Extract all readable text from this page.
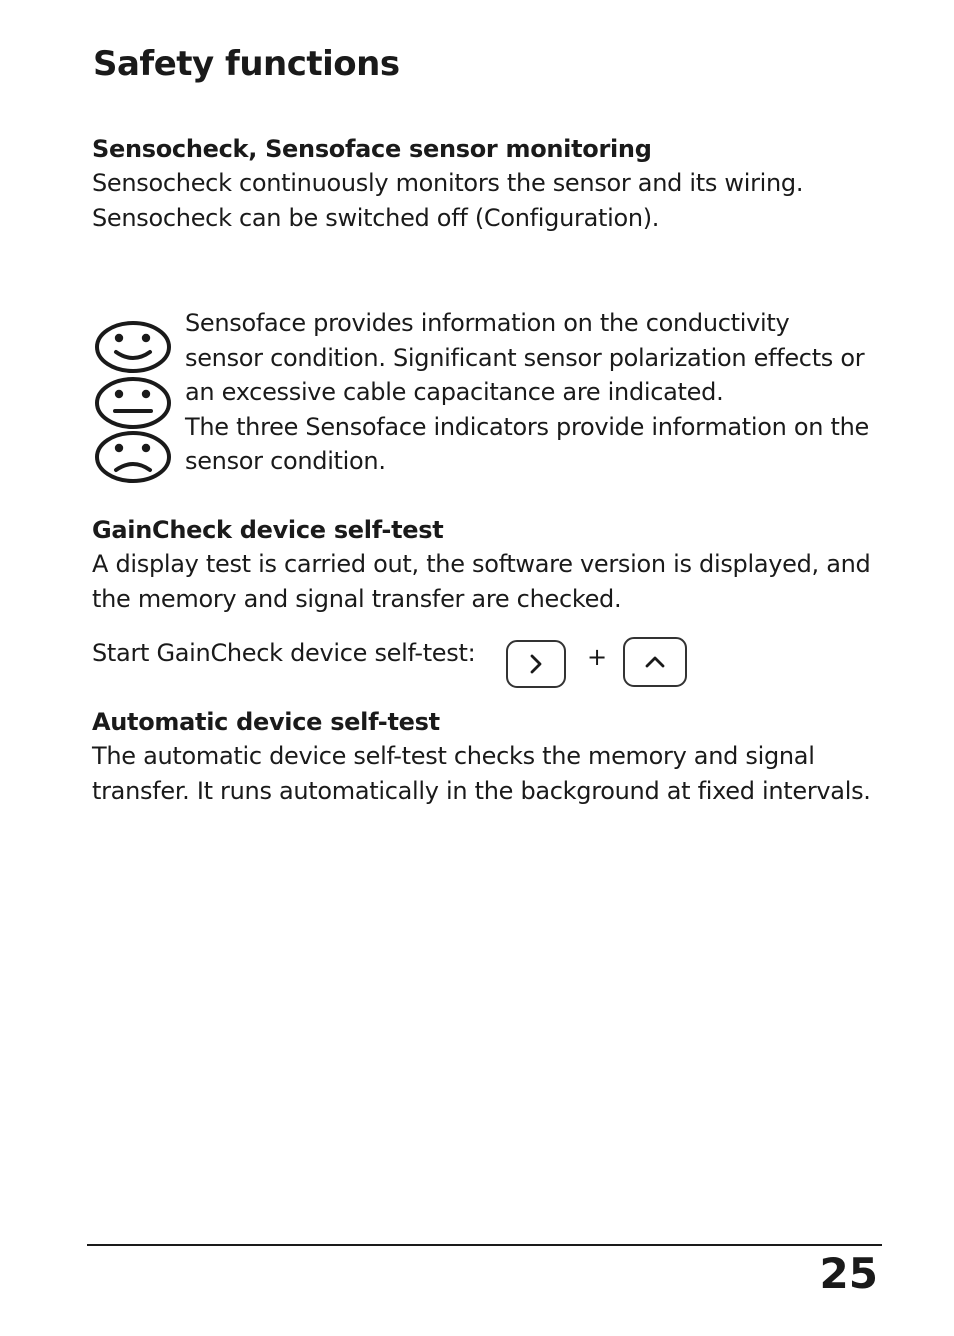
Safety functions
Sensocheck, Sensoface sensor monitoring

Sensocheck continuously monitors the sensor and its wiring.

Sensocheck can be switched off (Configuration).

Sensoface provides information on the conductivity

sensor condition. Significant sensor polarization effects or

an excessive cable capacitance are indicated.

The three Sensoface indicators provide information on the

sensor condition.

GainCheck device self-test

A display test is carried out, the software version is displayed, and

the memory and signal transfer are checked.

Start GainCheck device self-test:	+
Automatic device self-test

The automatic device self-test checks the memory and signal

transfer. It runs automatically in the background at fixed intervals.

25
